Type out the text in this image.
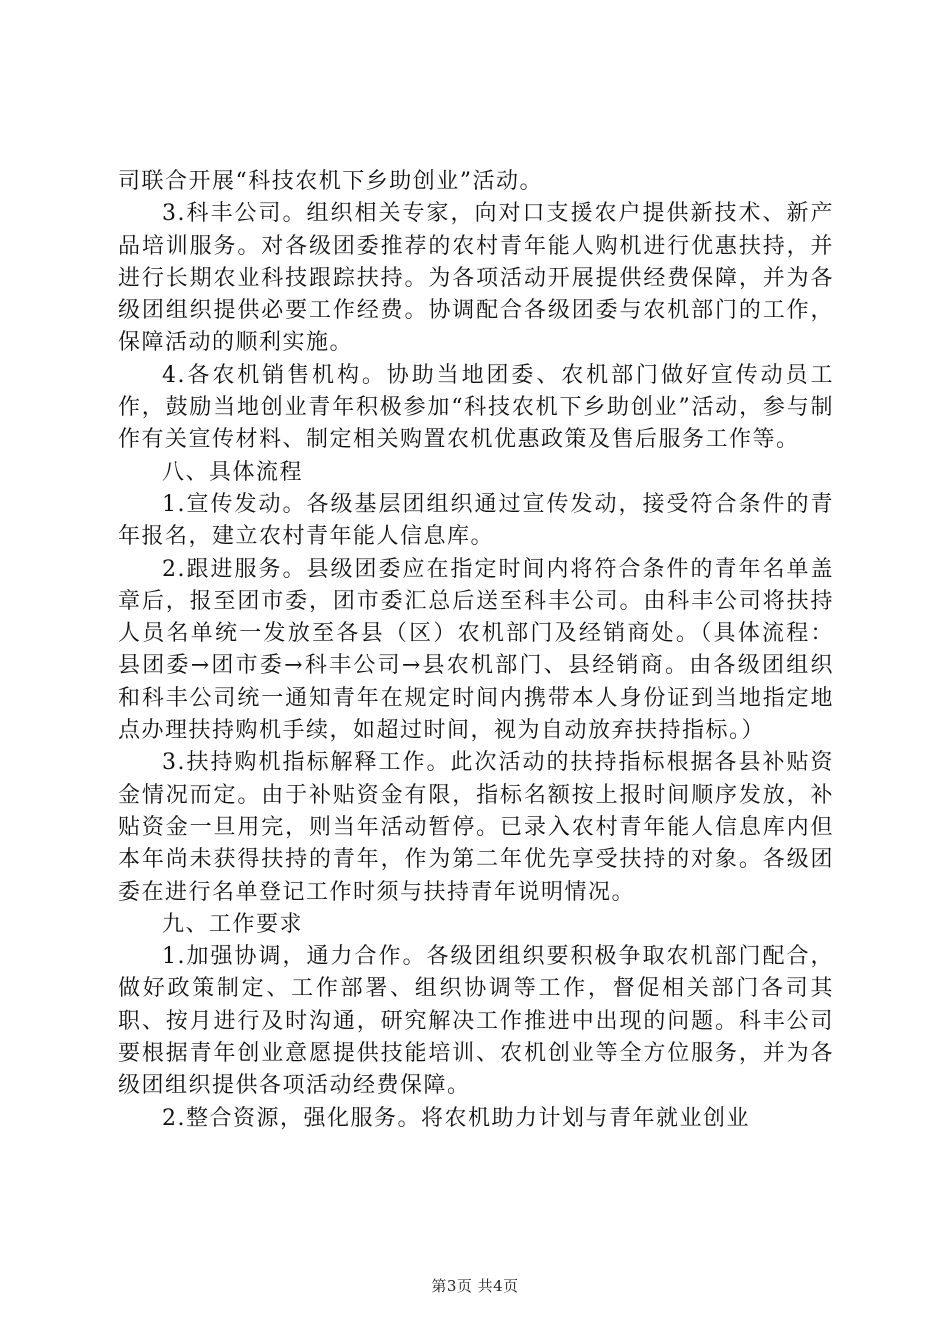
司联合开展“科技农机下乡助创业”活动。

3.科丰公司。组织相关专家，向对口支援农户提供新技术、新产品培训服务。对各级团委推荐的农村青年能人购机进行优惠扶持，并进行长期农业科技跟踪扶持。为各项活动开展提供经费保障，并为各级团组织提供必要工作经费。协调配合各级团委与农机部门的工作，保障活动的顺利实施。

4.各农机销售机构。协助当地团委、农机部门做好宣传动员工作，鼓励当地创业青年积极参加“科技农机下乡助创业”活动，参与制作有关宣传材料、制定相关购置农机优惠政策及售后服务工作等。

八、具体流程

1.宣传发动。各级基层团组织通过宣传发动，接受符合条件的青年报名，建立农村青年能人信息库。

2.跟进服务。县级团委应在指定时间内将符合条件的青年名单盖章后，报至团市委，团市委汇总后送至科丰公司。由科丰公司将扶持人员名单统一发放至各县（区）农机部门及经销商处。（具体流程：县团委→团市委→科丰公司→县农机部门、县经销商。由各级团组织和科丰公司统一通知青年在规定时间内携带本人身份证到当地指定地点办理扶持购机手续，如超过时间，视为自动放弃扶持指标。）

3.扶持购机指标解释工作。此次活动的扶持指标根据各县补贴资金情况而定。由于补贴资金有限，指标名额按上报时间顺序发放，补贴资金一旦用完，则当年活动暂停。已录入农村青年能人信息库内但本年尚未获得扶持的青年，作为第二年优先享受扶持的对象。各级团委在进行名单登记工作时须与扶持青年说明情况。

九、工作要求

1.加强协调，通力合作。各级团组织要积极争取农机部门配合，做好政策制定、工作部署、组织协调等工作，督促相关部门各司其职、按月进行及时沟通，研究解决工作推进中出现的问题。科丰公司要根据青年创业意愿提供技能培训、农机创业等全方位服务，并为各级团组织提供各项活动经费保障。

2.整合资源，强化服务。将农机助力计划与青年就业创业

第3页 共4页
